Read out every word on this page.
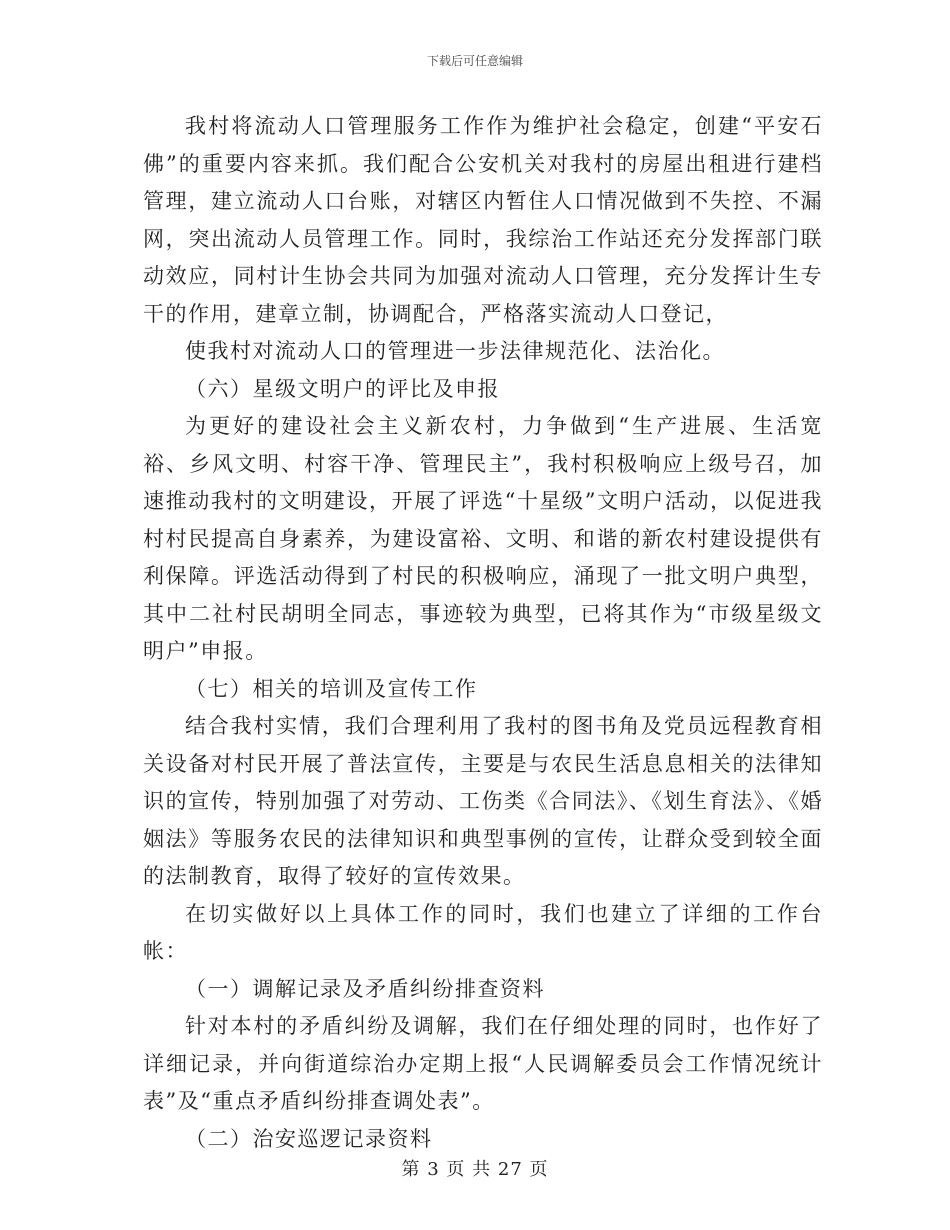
下载后可任意编辑

我村将流动人口管理服务工作作为维护社会稳定，创建“平安石佛”的重要内容来抓。我们配合公安机关对我村的房屋出租进行建档管理，建立流动人口台账，对辖区内暂住人口情况做到不失控、不漏网，突出流动人员管理工作。同时，我综治工作站还充分发挥部门联动效应，同村计生协会共同为加强对流动人口管理，充分发挥计生专干的作用，建章立制，协调配合，严格落实流动人口登记，

使我村对流动人口的管理进一步法律规范化、法治化。

（六）星级文明户的评比及申报

为更好的建设社会主义新农村，力争做到“生产进展、生活宽裕、乡风文明、村容干净、管理民主”，我村积极响应上级号召，加速推动我村的文明建设，开展了评选“十星级”文明户活动，以促进我村村民提高自身素养，为建设富裕、文明、和谐的新农村建设提供有利保障。评选活动得到了村民的积极响应，涌现了一批文明户典型，其中二社村民胡明全同志，事迹较为典型，已将其作为“市级星级文明户”申报。

（七）相关的培训及宣传工作

结合我村实情，我们合理利用了我村的图书角及党员远程教育相关设备对村民开展了普法宣传，主要是与农民生活息息相关的法律知识的宣传，特别加强了对劳动、工伤类《合同法》、《划生育法》、《婚姻法》等服务农民的法律知识和典型事例的宣传，让群众受到较全面的法制教育，取得了较好的宣传效果。

在切实做好以上具体工作的同时，我们也建立了详细的工作台帐：

（一）调解记录及矛盾纠纷排查资料

针对本村的矛盾纠纷及调解，我们在仔细处理的同时，也作好了详细记录，并向街道综治办定期上报“人民调解委员会工作情况统计表”及“重点矛盾纠纷排查调处表”。

（二）治安巡逻记录资料

第 3 页 共 27 页
